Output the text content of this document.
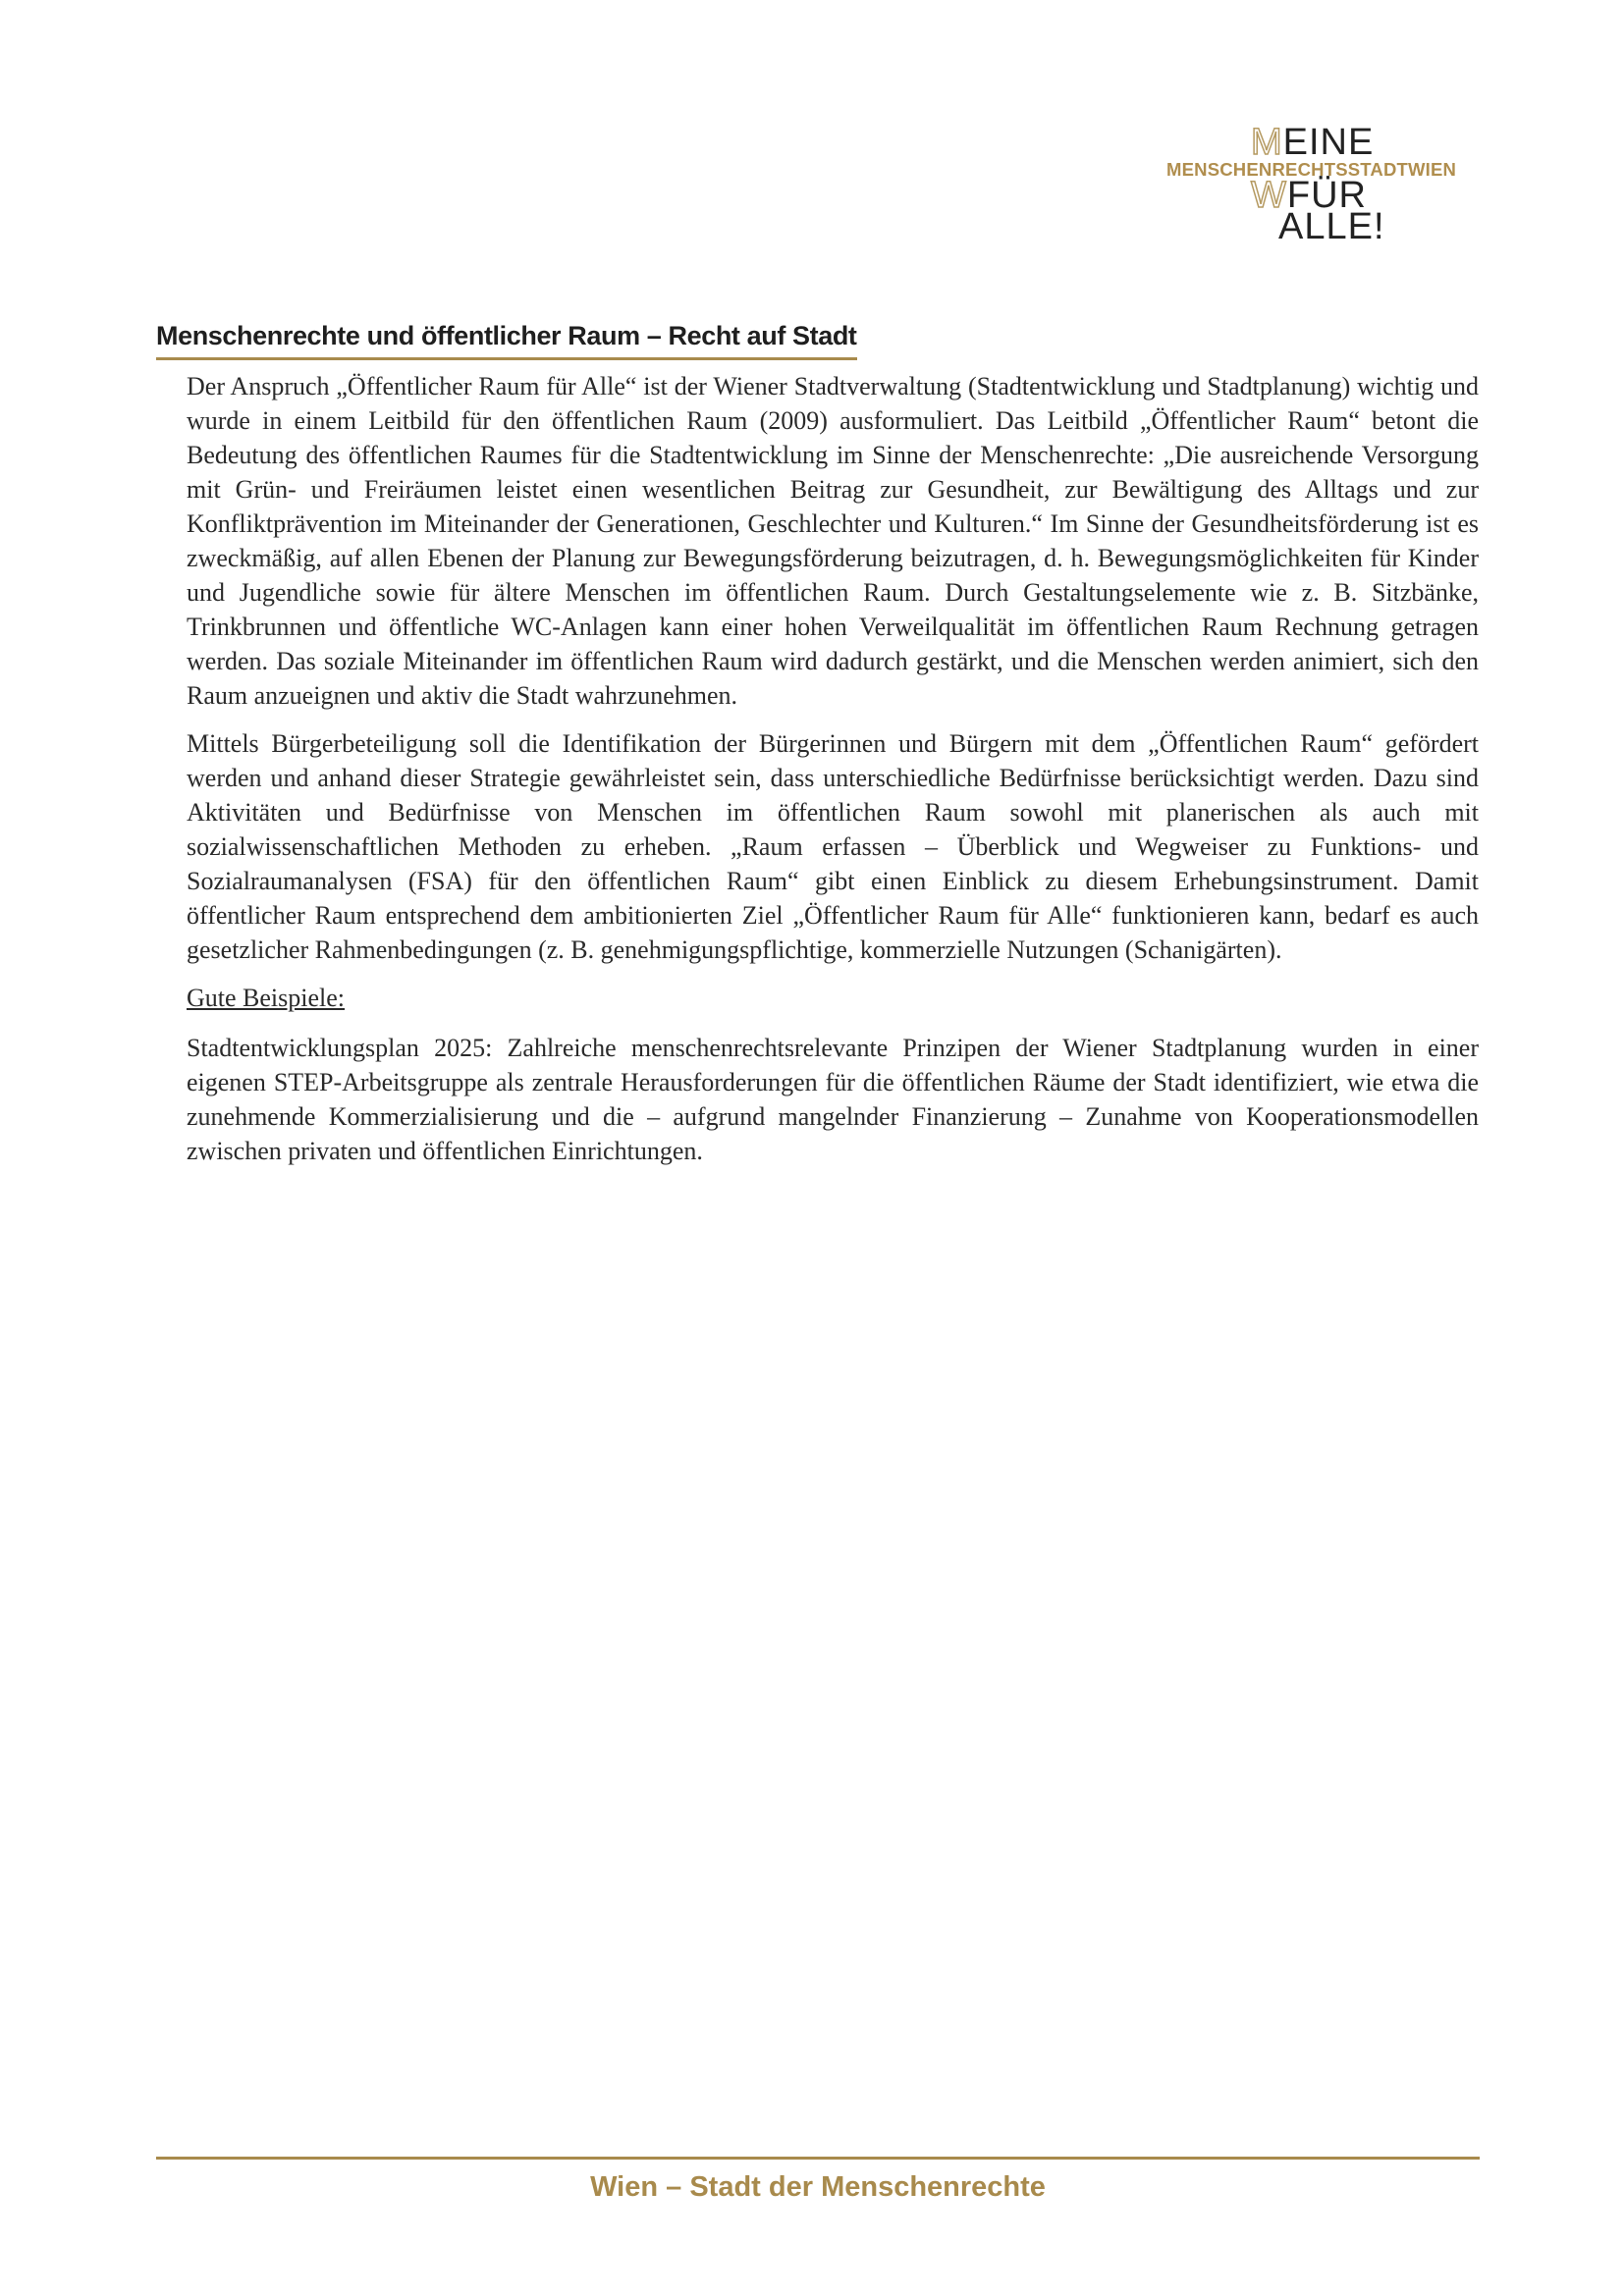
MEINE
MENSCHENRECHTSSTADTWIEN
WFÜR
ALLE!
Menschenrechte und öffentlicher Raum – Recht auf Stadt

Der Anspruch „Öffentlicher Raum für Alle“ ist der Wiener Stadtverwaltung (Stadtentwicklung und Stadtplanung) wichtig und wurde in einem Leitbild für den öffentlichen Raum (2009) ausformuliert. Das Leitbild „Öffentlicher Raum“ betont die Bedeutung des öffentlichen Raumes für die Stadtentwicklung im Sinne der Menschenrechte: „Die ausreichende Versorgung mit Grün- und Freiräumen leistet einen wesentlichen Beitrag zur Gesundheit, zur Bewältigung des Alltags und zur Konfliktprävention im Miteinander der Generationen, Geschlechter und Kulturen.“ Im Sinne der Gesundheitsförderung ist es zweckmäßig, auf allen Ebenen der Planung zur Bewegungsförderung beizutragen, d. h. Bewegungsmöglichkeiten für Kinder und Jugendliche sowie für ältere Menschen im öffentlichen Raum. Durch Gestaltungselemente wie z. B. Sitzbänke, Trinkbrunnen und öffentliche WC-Anlagen kann einer hohen Verweilqualität im öffentlichen Raum Rechnung getragen werden. Das soziale Miteinander im öffentlichen Raum wird dadurch gestärkt, und die Menschen werden animiert, sich den Raum anzueignen und aktiv die Stadt wahrzunehmen.

Mittels Bürgerbeteiligung soll die Identifikation der Bürgerinnen und Bürgern mit dem „Öffentlichen Raum“ gefördert werden und anhand dieser Strategie gewährleistet sein, dass unterschiedliche Bedürfnisse berücksichtigt werden. Dazu sind Aktivitäten und Bedürfnisse von Menschen im öffentlichen Raum sowohl mit planerischen als auch mit sozialwissenschaftlichen Methoden zu erheben. „Raum erfassen – Überblick und Wegweiser zu Funktions- und Sozialraumanalysen (FSA) für den öffentlichen Raum“ gibt einen Einblick zu diesem Erhebungsinstrument. Damit öffentlicher Raum entsprechend dem ambitionierten Ziel „Öffentlicher Raum für Alle“ funktionieren kann, bedarf es auch gesetzlicher Rahmenbedingungen (z. B. genehmigungspflichtige, kommerzielle Nutzungen (Schanigärten).

Gute Beispiele:

Stadtentwicklungsplan 2025: Zahlreiche menschenrechtsrelevante Prinzipen der Wiener Stadtplanung wurden in einer eigenen STEP-Arbeitsgruppe als zentrale Herausforderungen für die öffentlichen Räume der Stadt identifiziert, wie etwa die zunehmende Kommerzialisierung und die – aufgrund mangelnder Finanzierung – Zunahme von Kooperationsmodellen zwischen privaten und öffentlichen Einrichtungen.

Wien – Stadt der Menschenrechte
